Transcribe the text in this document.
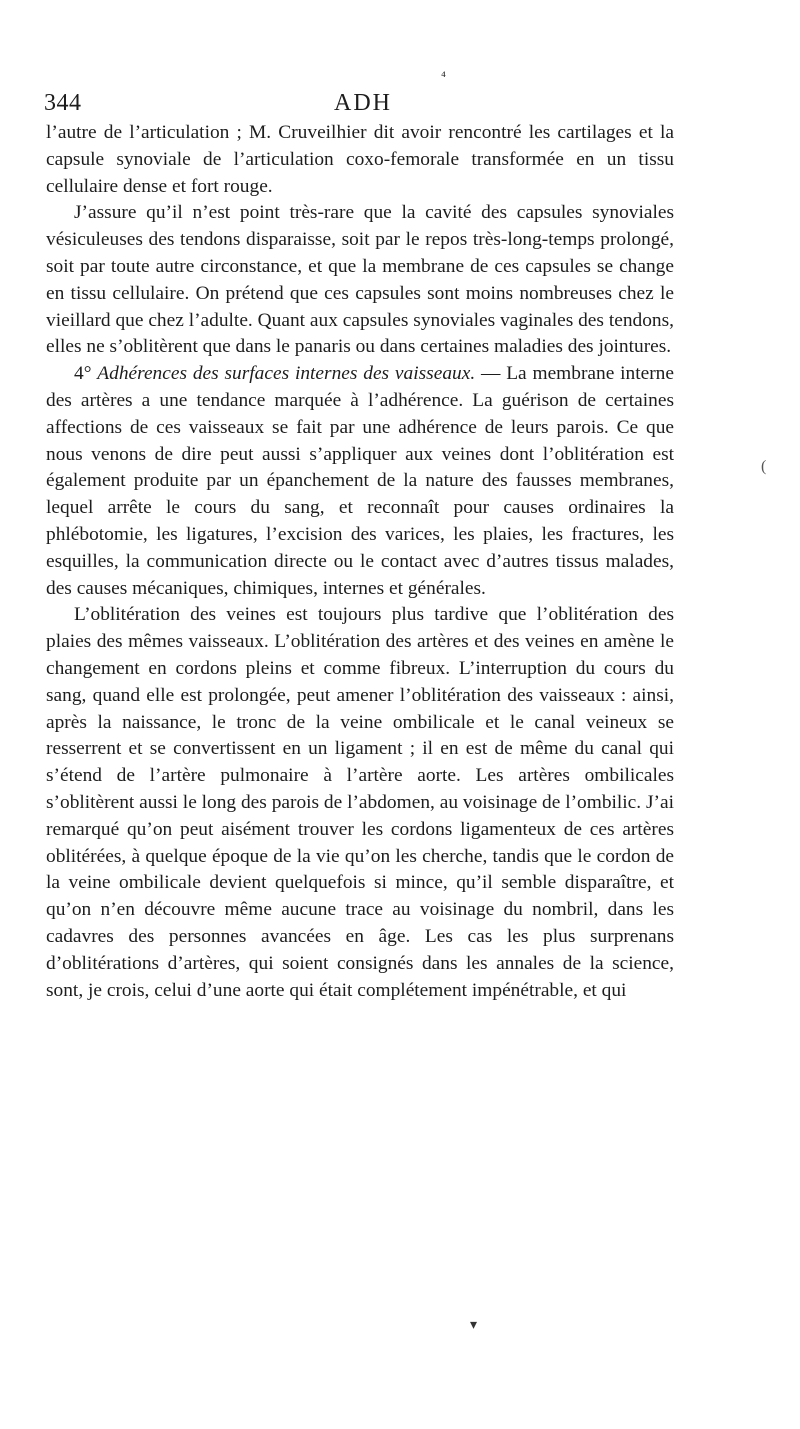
⁴
(
▾
344	ADH

l’autre de l’articulation ; M. Cruveilhier dit avoir rencontré les cartilages et la capsule synoviale de l’articulation coxo-femorale transformée en un tissu cellulaire dense et fort rouge.

J’assure qu’il n’est point très-rare que la cavité des capsules synoviales vésiculeuses des tendons disparaisse, soit par le repos très-long-temps prolongé, soit par toute autre circonstance, et que la membrane de ces capsules se change en tissu cellulaire. On prétend que ces capsules sont moins nombreuses chez le vieillard que chez l’adulte. Quant aux capsules synoviales vaginales des tendons, elles ne s’oblitèrent que dans le panaris ou dans certaines maladies des jointures.

4° Adhérences des surfaces internes des vaisseaux. — La membrane interne des artères a une tendance marquée à l’adhérence. La guérison de certaines affections de ces vaisseaux se fait par une adhérence de leurs parois. Ce que nous venons de dire peut aussi s’appliquer aux veines dont l’oblitération est également produite par un épanchement de la nature des fausses membranes, lequel arrête le cours du sang, et reconnaît pour causes ordinaires la phlébotomie, les ligatures, l’excision des varices, les plaies, les fractures, les esquilles, la communication directe ou le contact avec d’autres tissus malades, des causes mécaniques, chimiques, internes et générales.

L’oblitération des veines est toujours plus tardive que l’oblitération des plaies des mêmes vaisseaux. L’oblitération des artères et des veines en amène le changement en cordons pleins et comme fibreux. L’interruption du cours du sang, quand elle est prolongée, peut amener l’oblitération des vaisseaux : ainsi, après la naissance, le tronc de la veine ombilicale et le canal veineux se resserrent et se convertissent en un ligament ; il en est de même du canal qui s’étend de l’artère pulmonaire à l’artère aorte. Les artères ombilicales s’oblitèrent aussi le long des parois de l’abdomen, au voisinage de l’ombilic. J’ai remarqué qu’on peut aisément trouver les cordons ligamenteux de ces artères oblitérées, à quelque époque de la vie qu’on les cherche, tandis que le cordon de la veine ombilicale devient quelquefois si mince, qu’il semble disparaître, et qu’on n’en découvre même aucune trace au voisinage du nombril, dans les cadavres des personnes avancées en âge. Les cas les plus surprenans d’oblitérations d’artères, qui soient consignés dans les annales de la science, sont, je crois, celui d’une aorte qui était complétement impénétrable, et qui
